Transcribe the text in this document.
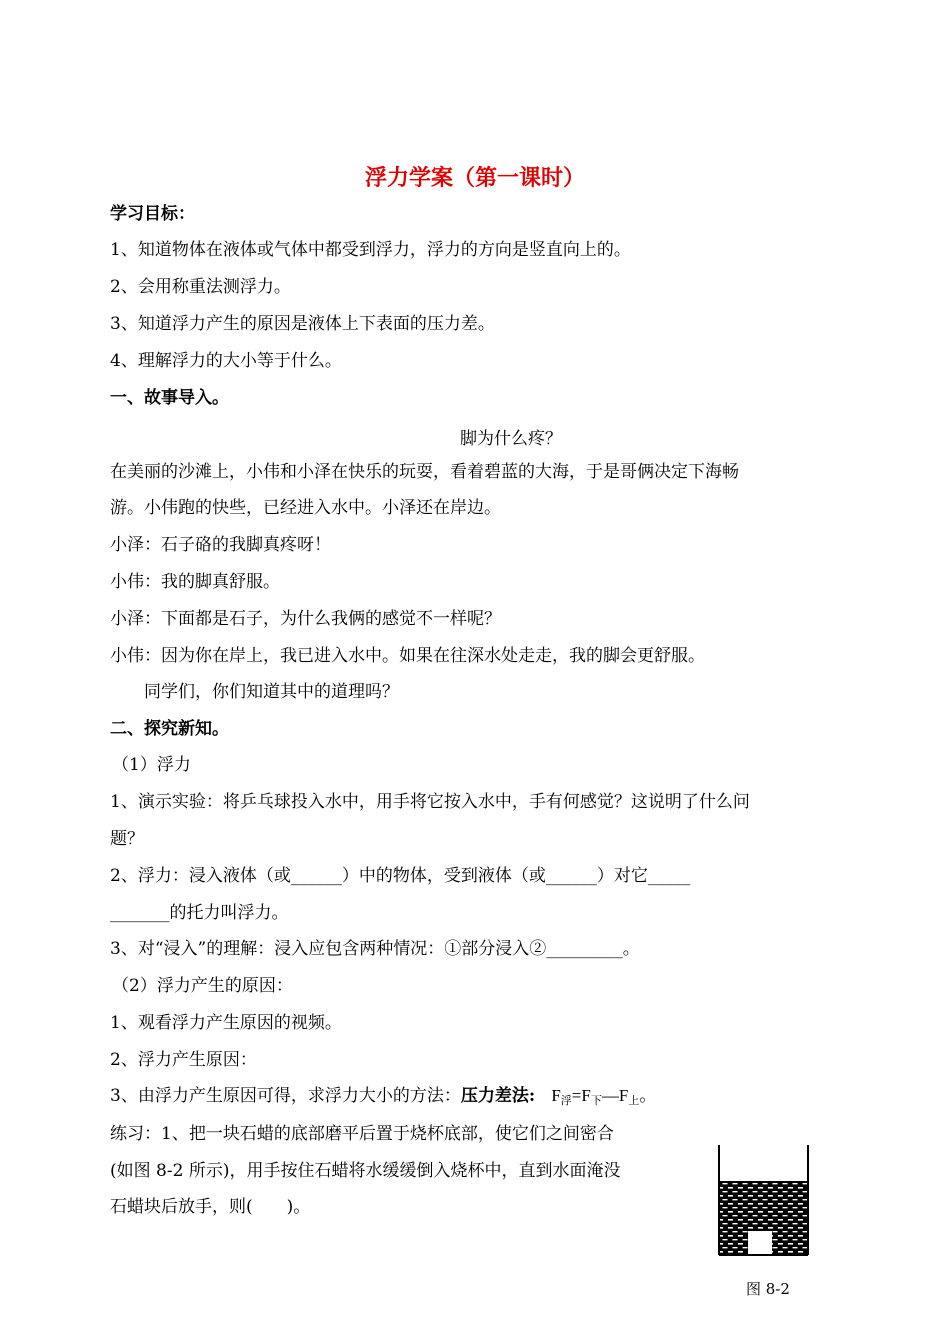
浮力学案（第一课时）
学习目标：
1、知道物体在液体或气体中都受到浮力，浮力的方向是竖直向上的。
2、会用称重法测浮力。
3、知道浮力产生的原因是液体上下表面的压力差。
4、理解浮力的大小等于什么。
一、故事导入。
脚为什么疼？
在美丽的沙滩上，小伟和小泽在快乐的玩耍，看着碧蓝的大海，于是哥俩决定下海畅
游。小伟跑的快些，已经进入水中。小泽还在岸边。
小泽：石子硌的我脚真疼呀！
小伟：我的脚真舒服。
小泽：下面都是石子，为什么我俩的感觉不一样呢？
小伟：因为你在岸上，我已进入水中。如果在往深水处走走，我的脚会更舒服。
同学们，你们知道其中的道理吗？
二、探究新知。
（1）浮力
1、演示实验：将乒乓球投入水中，用手将它按入水中，手有何感觉？这说明了什么问
题？
2、浮力：浸入液体（或______）中的物体，受到液体（或______）对它_____
_______的托力叫浮力。
3、对“浸入”的理解：浸入应包含两种情况：①部分浸入②_________。
（2）浮力产生的原因：
1、观看浮力产生原因的视频。
2、浮力产生原因：
3、由浮力产生原因可得，求浮力大小的方法：压力差法: $F_浮=F_下—F_上$。
练习：1、把一块石蜡的底部磨平后置于烧杯底部，使它们之间密合
(如图 8-2 所示)，用手按住石蜡将水缓缓倒入烧杯中，直到水面淹没
石蜡块后放手，则(　　)。
图 8-2
